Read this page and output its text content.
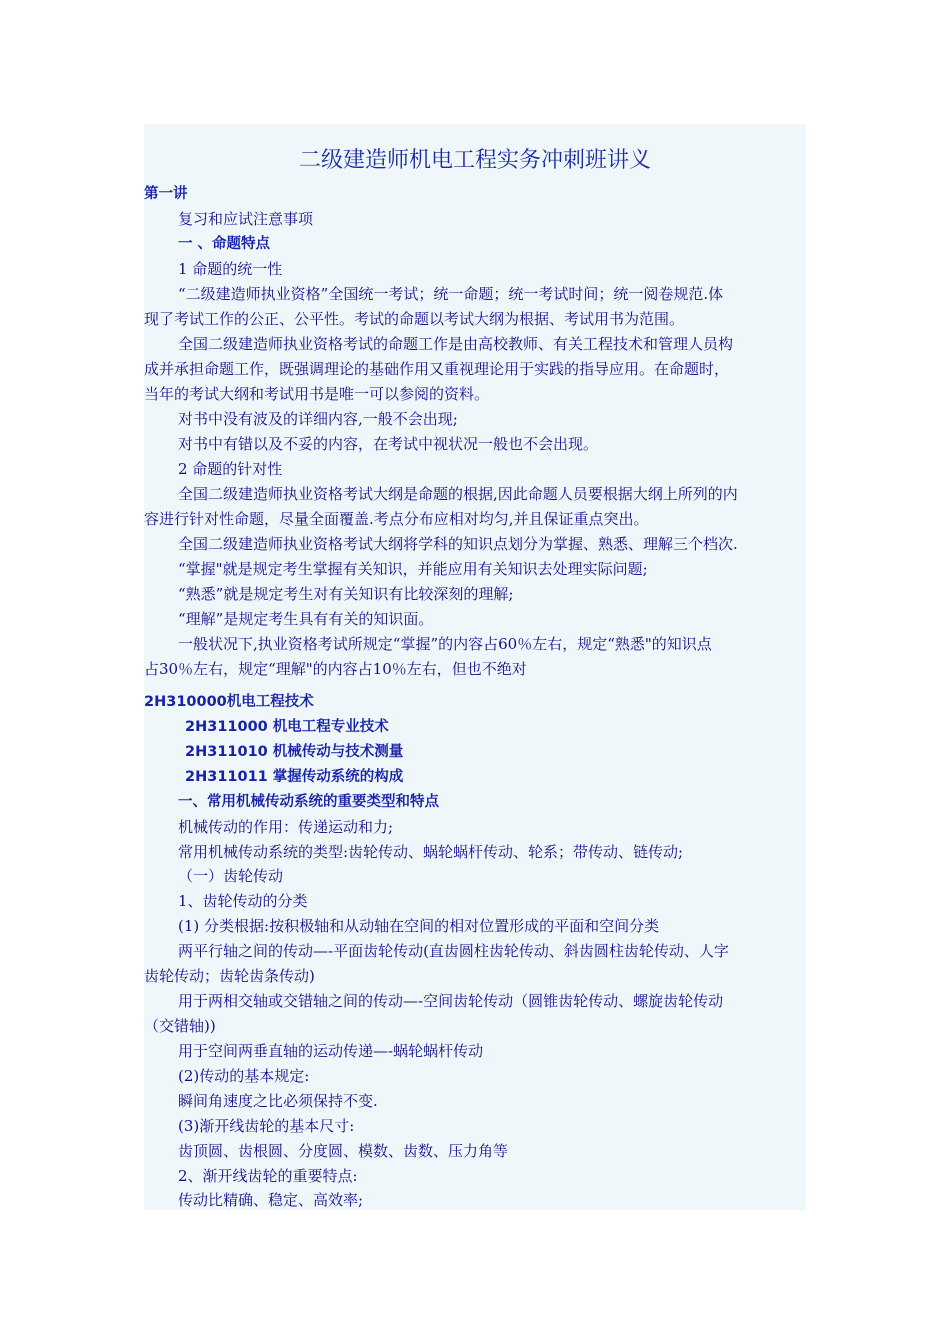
二级建造师机电工程实务冲刺班讲义
第一讲
复习和应试注意事项
一 、命题特点
1 命题的统一性
“二级建造师执业资格”全国统一考试；统一命题；统一考试时间；统一阅卷规范.体
现了考试工作的公正、公平性。考试的命题以考试大纲为根据、考试用书为范围。
全国二级建造师执业资格考试的命题工作是由高校教师、有关工程技术和管理人员构
成并承担命题工作，既强调理论的基础作用又重视理论用于实践的指导应用。在命题时，
当年的考试大纲和考试用书是唯一可以参阅的资料。
对书中没有波及的详细内容,一般不会出现;
对书中有错以及不妥的内容，在考试中视状况一般也不会出现。
2 命题的针对性
全国二级建造师执业资格考试大纲是命题的根据,因此命题人员要根据大纲上所列的内
容进行针对性命题，尽量全面覆盖.考点分布应相对均匀,并且保证重点突出。
全国二级建造师执业资格考试大纲将学科的知识点划分为掌握、熟悉、理解三个档次.
“掌握"就是规定考生掌握有关知识，并能应用有关知识去处理实际问题;
“熟悉”就是规定考生对有关知识有比较深刻的理解;
“理解”是规定考生具有有关的知识面。
一般状况下,执业资格考试所规定“掌握”的内容占60％左右，规定“熟悉"的知识点
占30％左右，规定“理解"的内容占10％左右，但也不绝对
2H310000机电工程技术
2H311000 机电工程专业技术
2H311010 机械传动与技术测量
2H311011 掌握传动系统的构成
一、常用机械传动系统的重要类型和特点
机械传动的作用：传递运动和力;
常用机械传动系统的类型:齿轮传动、蜗轮蜗杆传动、轮系；带传动、链传动;
（一）齿轮传动
1、齿轮传动的分类
(1) 分类根据:按积极轴和从动轴在空间的相对位置形成的平面和空间分类
两平行轴之间的传动—-平面齿轮传动(直齿圆柱齿轮传动、斜齿圆柱齿轮传动、人字
齿轮传动；齿轮齿条传动)
用于两相交轴或交错轴之间的传动—-空间齿轮传动（圆锥齿轮传动、螺旋齿轮传动
（交错轴))
用于空间两垂直轴的运动传递—-蜗轮蜗杆传动
(2)传动的基本规定:
瞬间角速度之比必须保持不变.
(3)渐开线齿轮的基本尺寸:
齿顶圆、齿根圆、分度圆、模数、齿数、压力角等
2、渐开线齿轮的重要特点:
传动比精确、稳定、高效率;
